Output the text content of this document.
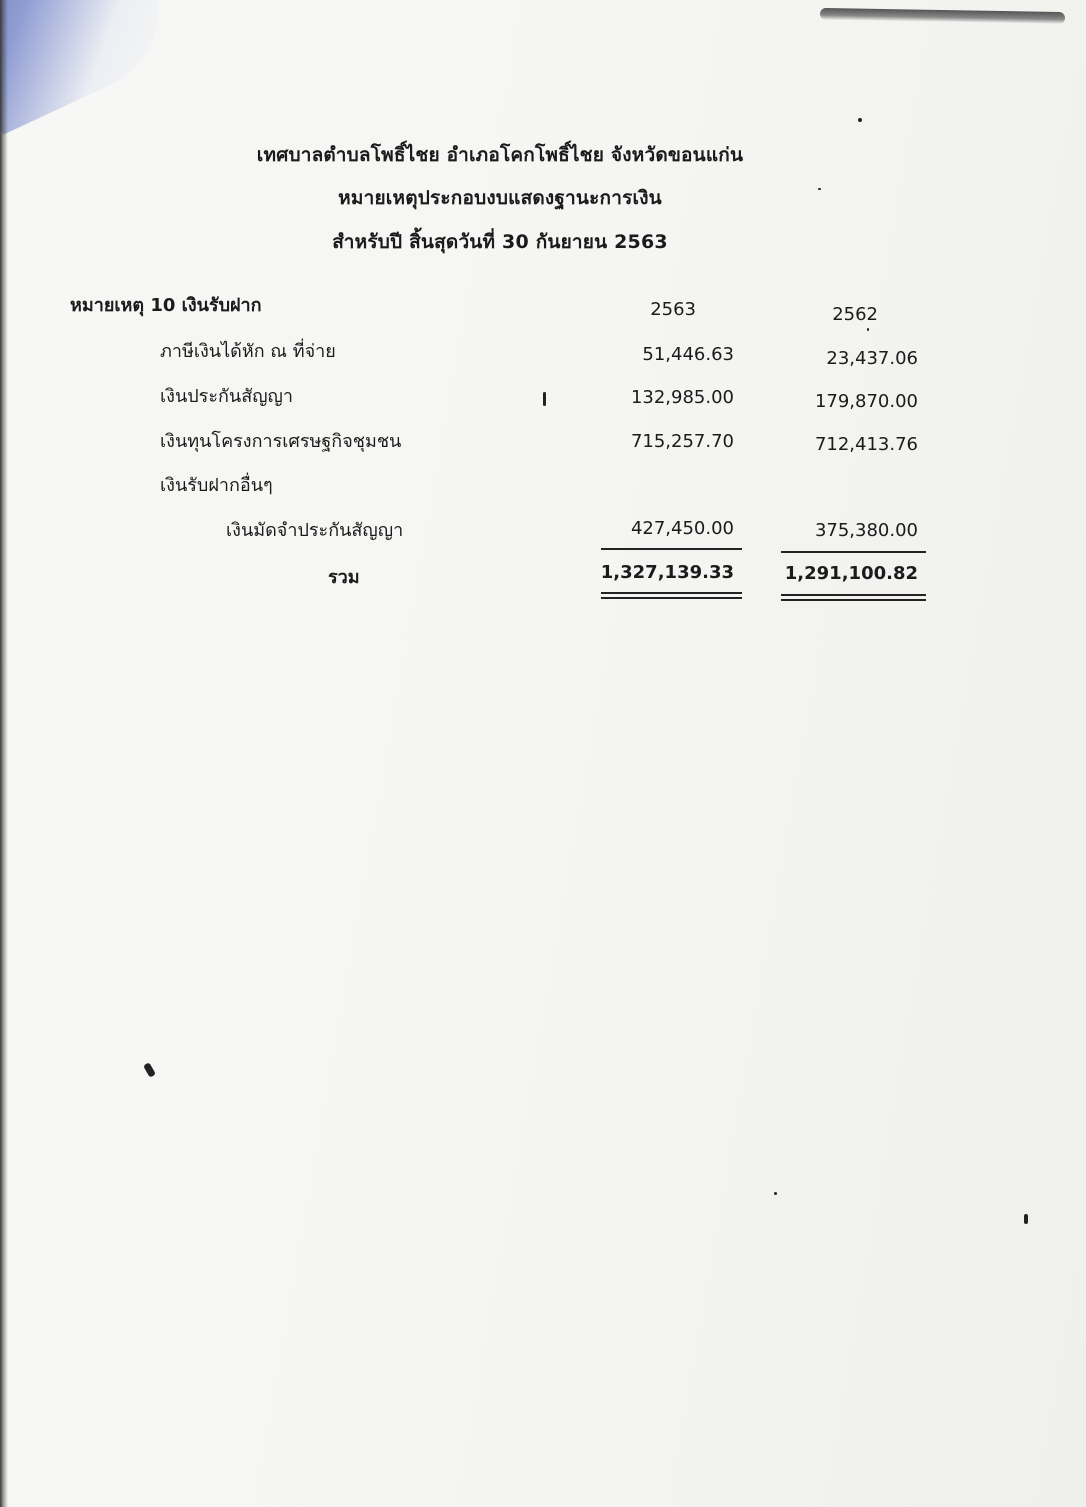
เทศบาลตำบลโพธิ์ไชย อำเภอโคกโพธิ์ไชย จังหวัดขอนแก่น
หมายเหตุประกอบงบแสดงฐานะการเงิน
สำหรับปี สิ้นสุดวันที่ 30 กันยายน 2563
หมายเหตุ 10 เงินรับฝาก	2563	2562
ภาษีเงินได้หัก ณ ที่จ่าย	51,446.63	23,437.06
เงินประกันสัญญา	132,985.00	179,870.00
เงินทุนโครงการเศรษฐกิจชุมชน	715,257.70	712,413.76
เงินรับฝากอื่นๆ
เงินมัดจำประกันสัญญา	427,450.00	375,380.00
รวม	1,327,139.33	1,291,100.82
